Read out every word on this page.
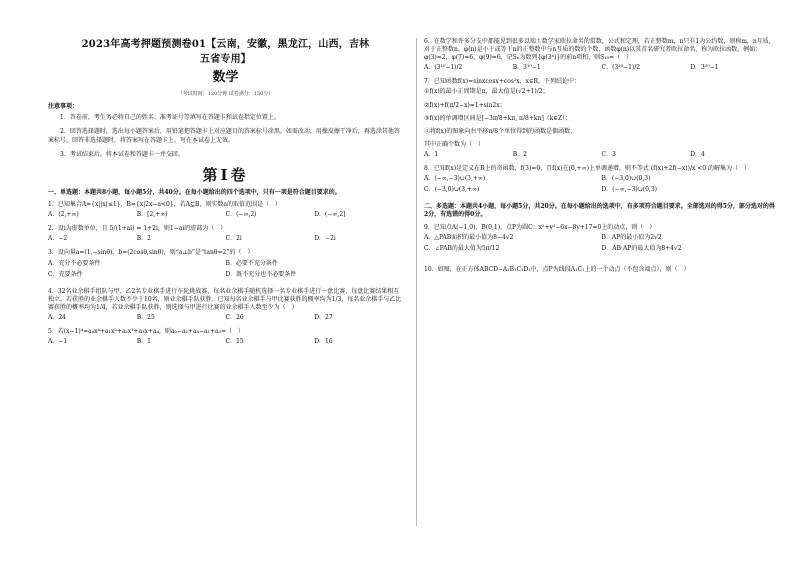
2023年高考押题预测卷01【云南，安徽，黑龙江，山西，吉林
五省专用】
数学
（考试时间：120分钟 试卷满分：150分）
注意事项：

1．答卷前，考生务必将自己的姓名、准考证号等填写在答题卡和试卷指定位置上。

2．回答选择题时，选出每小题答案后，用铅笔把答题卡上对应题目的答案标号涂黑。如需改动，用橡皮擦干净后，再选涂其他答案标号。回答非选择题时，将答案写在答题卡上。写在本试卷上无效。

3．考试结束后，将本试卷和答题卡一并交回。

第Ⅰ卷
一、单选题：本题共8小题，每小题5分，共40分。在每小题给出的四个选项中，只有一项是符合题目要求的。
1．已知集合A={x||x|≤1}，B={x|2x−a<0}，若A⊆B，则实数a的取值范围是（　）
A．(2,+∞)	B．[2,+∞)	C．(−∞,2)	D．(−∞,2]
2．设i为虚数单位，且 5/(1+ai) = 1+2i，则1−ai的虚部为（　）
A．−2	B．2	C．2i	D．−2i
3．设向量a=(1,−sinθ)，b=(2cosθ,sinθ)，则“a⊥b”是“tanθ=2”的（　）
A．充分不必要条件	B．必要不充分条件
C．充要条件	D．既不充分也不必要条件
4．32名业余棋手组队与甲、乙2名专业棋手进行车轮挑战赛，每名业余棋手随机选择一名专业棋手进行一盘比赛，每盘比赛结果相互独立，若获胜的业余棋手人数不少于10名，则业余棋手队获胜．已知每名业余棋手与甲比赛获胜的概率均为1/3，每名业余棋手与乙比赛获胜的概率均为1/4，若业余棋手队获胜，则选择与甲进行比赛的业余棋手人数至少为（　）
A．24	B．25	C．26	D．27
5．若(x−1)⁴=a₀x⁴+a₁x³+a₂x²+a₃x+a₄，则a₀−a₂+a₄−a₁+a₃=（　）
A．−1	B．1	C．15	D．16
6．在数学和许多分支中都能见到很多以瑞士数学家欧拉命名的常数，公式和定理，若正整数m，n只有1为公约数，则称m，n互质，对于正整数n，φ(n)是小于或等于n的正整数中与n互质的数的个数，函数φ(n)以其首名研究者欧拉命名，称为欧拉函数，例如：φ(3)=2，φ(7)=6，φ(9)=6，记Sₙ为数列{φ(3ⁿ)}的前n项和，则S₁₀=（　）
A．(3¹⁰−1)/2	B．3¹⁰−1	C．(3²⁰−1)/2	D．3²⁰−1
7．已知函数f(x)=sinxcosx+cos²x，x∈R，下列结论中：
①f(x)的最小正周期是π，最大值是(√2+1)/2；
②f(x)+f(π/2−x)=1+sin2x；
③f(x)的单调增区间是[−3π/8+kπ, π/8+kπ]（k∈Z）；
④将f(x)的图象向右平移π/8个单位得到的函数是偶函数，
其中正确个数为（　）
A．1	B．2	C．3	D．4
8．已知f(x)是定义在R上的奇函数，f(3)=0，且f(x)在(0,+∞)上单调递增，则不等式 (f(x)+2f(−x))/x <0 的解集为（　）
A．(−∞,−3)∪(3,+∞)	B．(−3,0)∪(0,3)
C．(−3,0)∪(3,+∞)	D．(−∞,−3)∪(0,3)
二、多选题：本题共4小题，每小题5分，共20分。在每小题给出的选项中，有多项符合题目要求。全部选对的得5分，部分选对的得2分，有选错的得0分。
9．已知点A(−1,0)，B(0,1)，点P为圆C：x²+y²−6x−8y+17=0上的动点，则（　）
A．△PAB面积的最小值为8−4√2	B．AP的最小值为2√2
C．∠PAB的最大值为5π/12	D．AB·AP的最大值为8+4√2
10．如图，在正方体ABCD−A₁B₁C₁D₁中，点P为线段A₁C₁上的一个动点（不包含端点），则（　）
